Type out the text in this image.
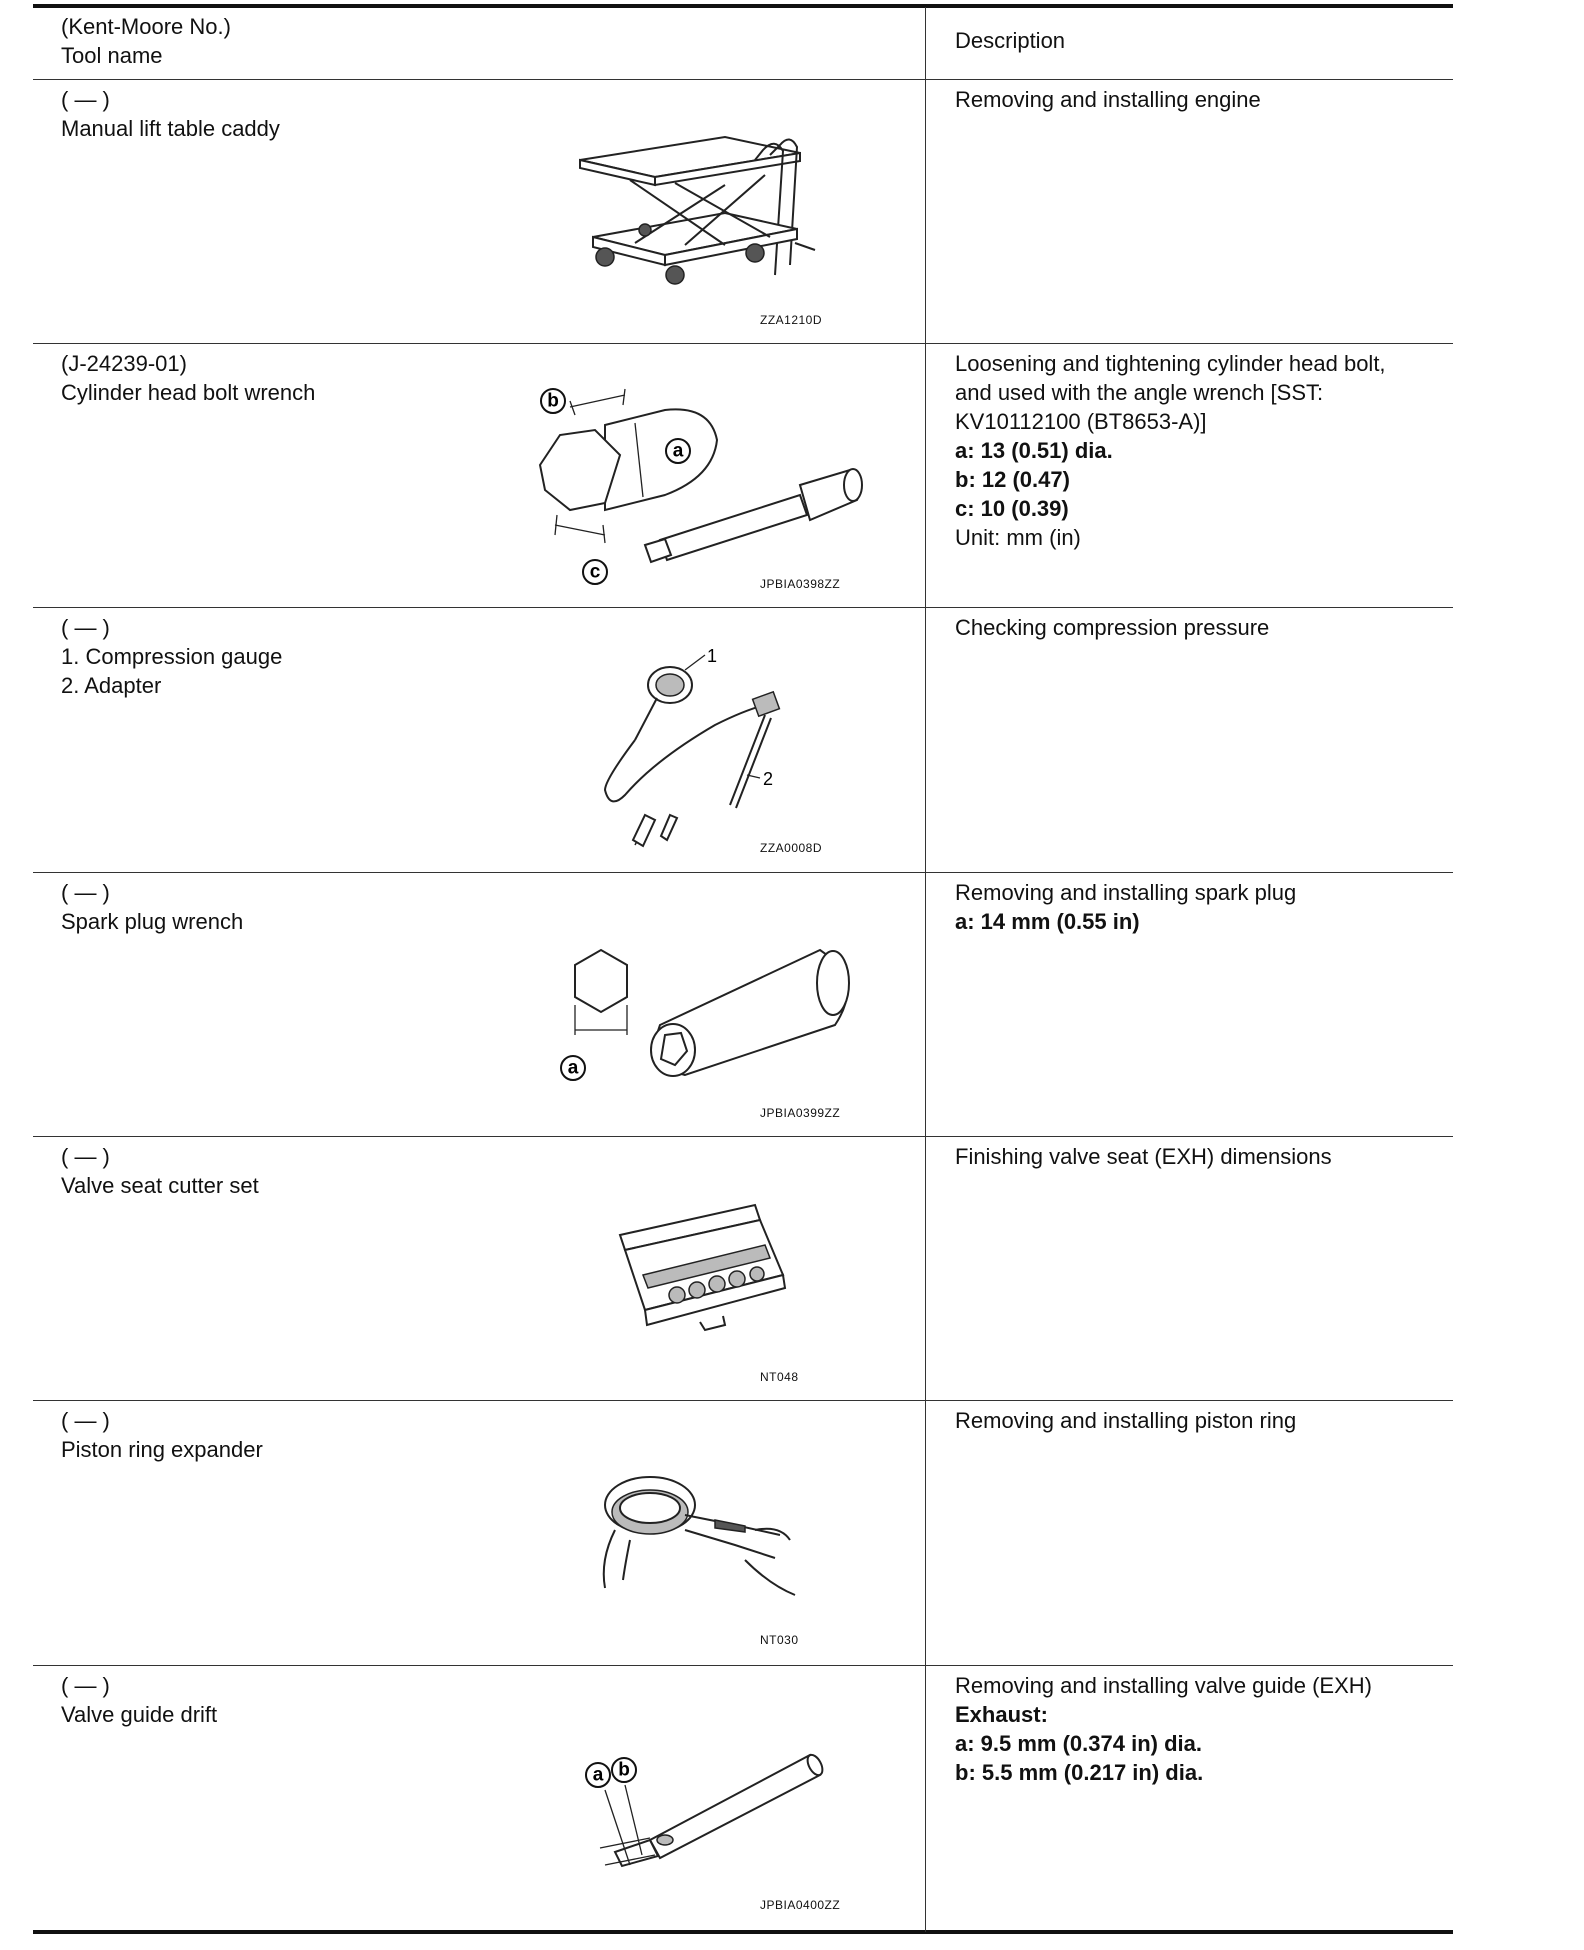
(Kent-Moore No.)
Tool name
Description
( — )
Manual lift table caddy
Removing and installing engine
ZZA1210D
(J-24239-01)
Cylinder head bolt wrench
Loosening and tightening cylinder head bolt,
and used with the angle wrench [SST:
KV10112100 (BT8653-A)]
a: 13 (0.51) dia.
b: 12 (0.47)
c: 10 (0.39)
Unit: mm (in)
b
a
c
JPBIA0398ZZ
( — )
1. Compression gauge
2. Adapter
Checking compression pressure
1
2
ZZA0008D
( — )
Spark plug wrench
Removing and installing spark plug
a: 14 mm (0.55 in)
a
JPBIA0399ZZ
( — )
Valve seat cutter set
Finishing valve seat (EXH) dimensions
NT048
( — )
Piston ring expander
Removing and installing piston ring
NT030
( — )
Valve guide drift
Removing and installing valve guide (EXH)
Exhaust:
a: 9.5 mm (0.374 in) dia.
b: 5.5 mm (0.217 in) dia.
a b
JPBIA0400ZZ
